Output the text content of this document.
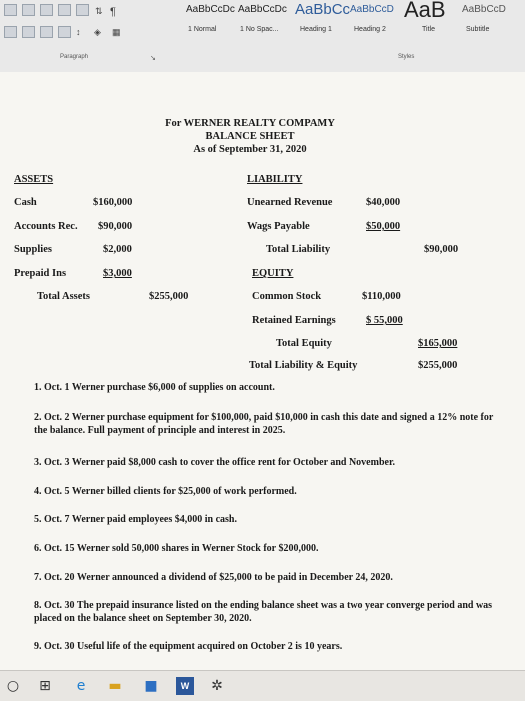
⇅ ¶
↕ ◈ ▦
AaBbCcDc
1 Normal
AaBbCcDc
1 No Spac...
AaBbCc
Heading 1
AaBbCcD
Heading 2
AaB
Title
AaBbCcD
Subtitle
Paragraph	↘	Styles
For WERNER REALTY COMPAMY
BALANCE SHEET
As of September 31, 2020
ASSETS
Cash	$160,000
Accounts Rec. $90,000
Supplies	$2,000
Prepaid Ins	$3,000
Total Assets	$255,000
LIABILITY
Unearned Revenue	$40,000
Wags Payable	$50,000
Total Liability	$90,000
EQUITY
Common Stock	$110,000
Retained Earnings	$ 55,000
Total Equity	$165,000
Total Liability & Equity	$255,000
1. Oct. 1 Werner purchase $6,000 of supplies on account.
2. Oct. 2 Werner purchase equipment for $100,000, paid $10,000 in cash this date and signed a 12% note for the balance. Full payment of principle and interest in 2025.
3. Oct. 3 Werner paid $8,000 cash to cover the office rent for October and November.
4. Oct. 5 Werner billed clients for $25,000 of work performed.
5. Oct. 7 Werner paid employees $4,000 in cash.
6. Oct. 15 Werner sold 50,000 shares in Werner Stock for $200,000.
7. Oct. 20 Werner announced a dividend of $25,000 to be paid in December 24, 2020.
8. Oct. 30 The prepaid insurance listed on the ending balance sheet was a two year converge period and was placed on the balance sheet on September 30, 2020.
9. Oct. 30 Useful life of the equipment acquired on October 2 is 10 years.
○ ⊞	e	▬ ■	W	✲
